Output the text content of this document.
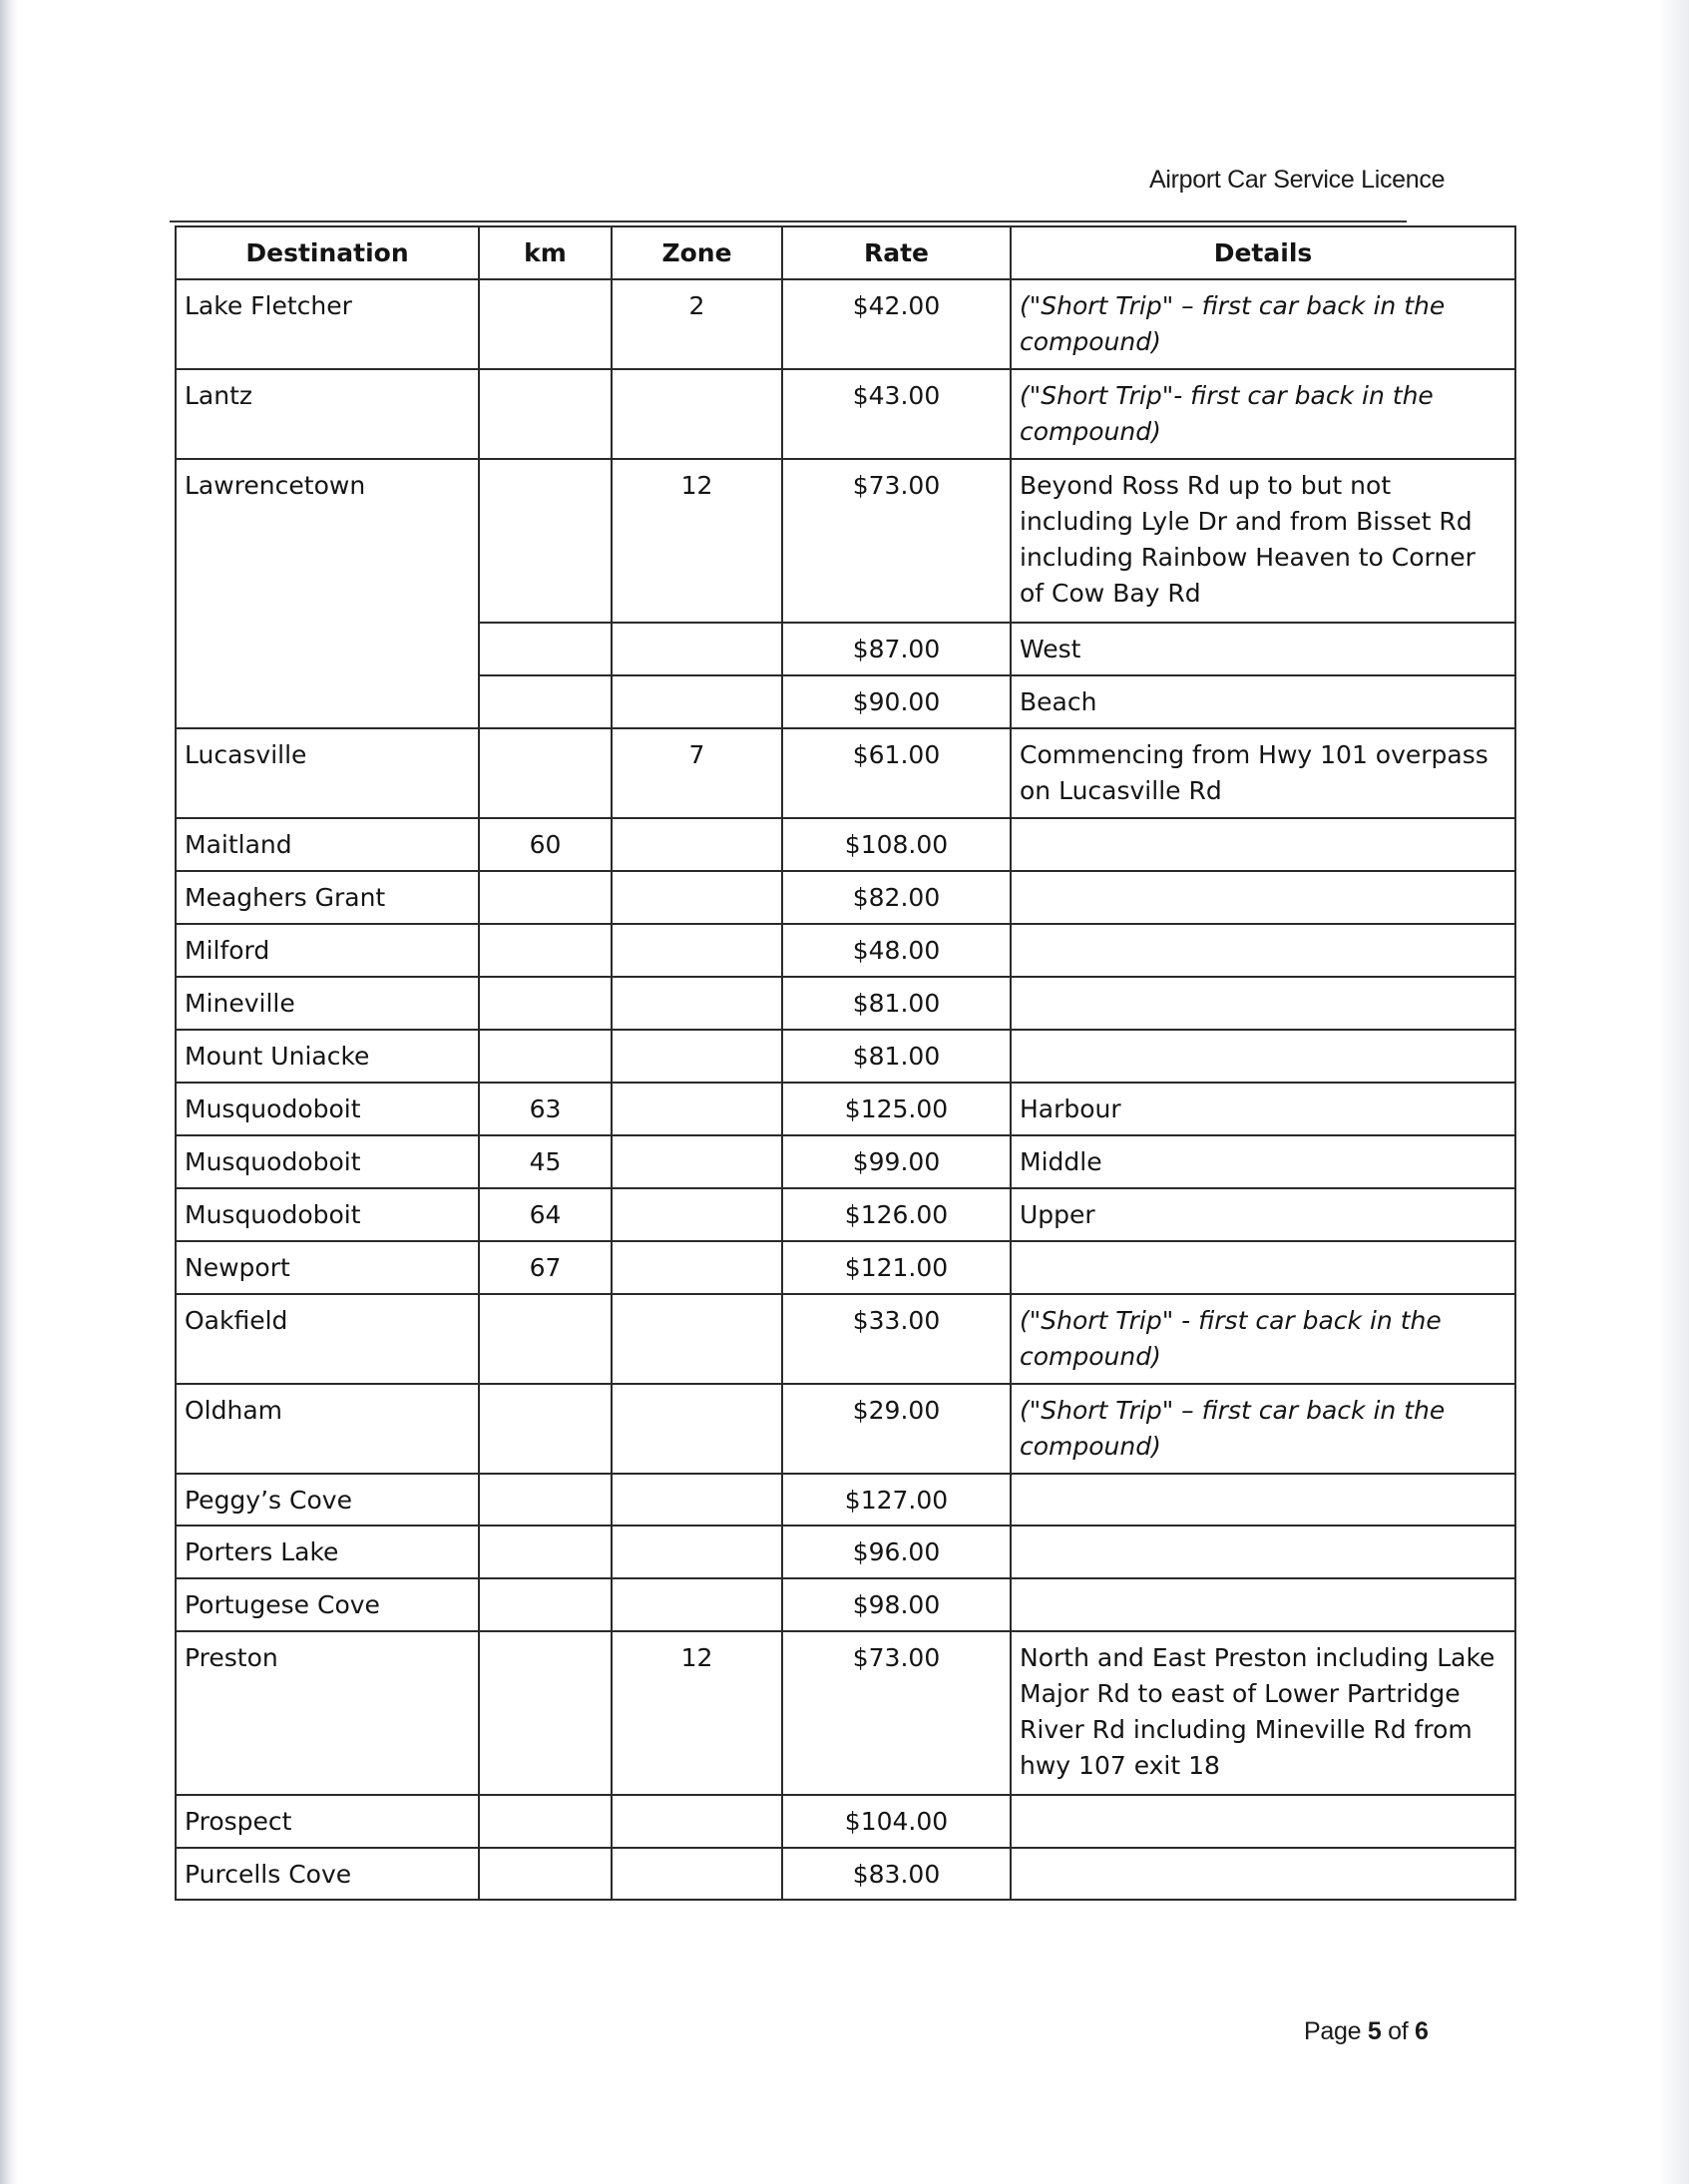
Airport Car Service Licence
Destination	km	Zone	Rate	Details
Lake Fletcher		2	$42.00	("Short Trip" – first car back in the compound)
Lantz			$43.00	("Short Trip"- first car back in the compound)
Lawrencetown		12	$73.00	Beyond Ross Rd up to but not including Lyle Dr and from Bisset Rd including Rainbow Heaven to Corner of Cow Bay Rd
			$87.00	West
			$90.00	Beach
Lucasville		7	$61.00	Commencing from Hwy 101 overpass on Lucasville Rd
Maitland	60		$108.00	
Meaghers Grant			$82.00	
Milford			$48.00	
Mineville			$81.00	
Mount Uniacke			$81.00	
Musquodoboit	63		$125.00	Harbour
Musquodoboit	45		$99.00	Middle
Musquodoboit	64		$126.00	Upper
Newport	67		$121.00	
Oakfield			$33.00	("Short Trip" - first car back in the compound)
Oldham			$29.00	("Short Trip" – first car back in the compound)
Peggy’s Cove			$127.00	
Porters Lake			$96.00	
Portugese Cove			$98.00	
Preston		12	$73.00	North and East Preston including Lake Major Rd to east of Lower Partridge River Rd including Mineville Rd from hwy 107 exit 18
Prospect			$104.00	
Purcells Cove			$83.00	
Page 5 of 6
